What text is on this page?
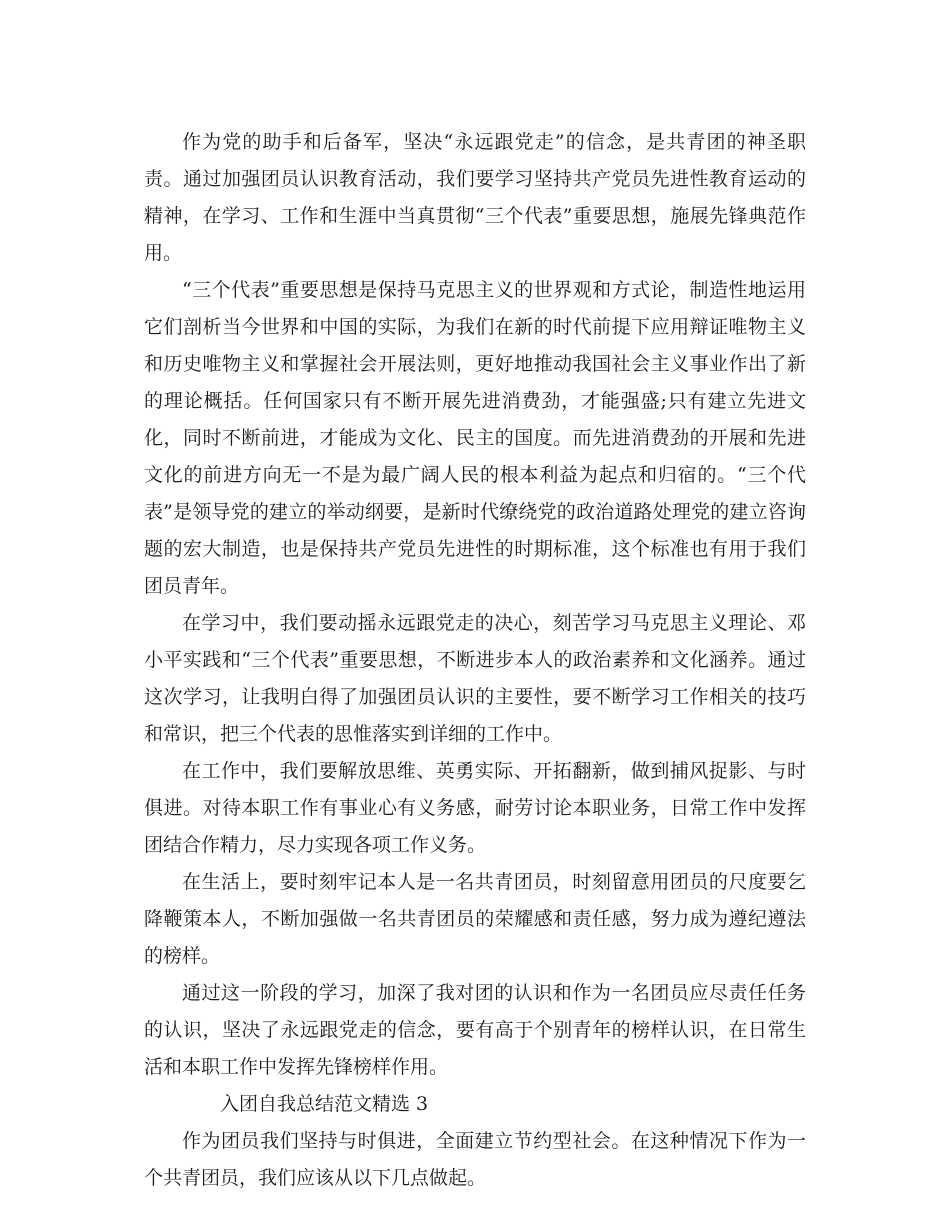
作为党的助手和后备军，坚决“永远跟党走”的信念，是共青团的神圣职责。通过加强团员认识教育活动，我们要学习坚持共产党员先进性教育运动的精神，在学习、工作和生涯中当真贯彻“三个代表”重要思想，施展先锋典范作用。

“三个代表”重要思想是保持马克思主义的世界观和方式论，制造性地运用它们剖析当今世界和中国的实际，为我们在新的时代前提下应用辩证唯物主义和历史唯物主义和掌握社会开展法则，更好地推动我国社会主义事业作出了新的理论概括。任何国家只有不断开展先进消费劲，才能强盛;只有建立先进文化，同时不断前进，才能成为文化、民主的国度。而先进消费劲的开展和先进文化的前进方向无一不是为最广阔人民的根本利益为起点和归宿的。“三个代表”是领导党的建立的举动纲要，是新时代缭绕党的政治道路处理党的建立咨询题的宏大制造，也是保持共产党员先进性的时期标准，这个标准也有用于我们团员青年。

在学习中，我们要动摇永远跟党走的决心，刻苦学习马克思主义理论、邓小平实践和“三个代表”重要思想，不断进步本人的政治素养和文化涵养。通过这次学习，让我明白得了加强团员认识的主要性，要不断学习工作相关的技巧和常识，把三个代表的思惟落实到详细的工作中。

在工作中，我们要解放思维、英勇实际、开拓翻新，做到捕风捉影、与时俱进。对待本职工作有事业心有义务感，耐劳讨论本职业务，日常工作中发挥团结合作精力，尽力实现各项工作义务。

在生活上，要时刻牢记本人是一名共青团员，时刻留意用团员的尺度要乞降鞭策本人，不断加强做一名共青团员的荣耀感和责任感，努力成为遵纪遵法的榜样。

通过这一阶段的学习，加深了我对团的认识和作为一名团员应尽责任任务的认识，坚决了永远跟党走的信念，要有高于个别青年的榜样认识，在日常生活和本职工作中发挥先锋榜样作用。

入团自我总结范文精选 3

作为团员我们坚持与时俱进，全面建立节约型社会。在这种情况下作为一个共青团员，我们应该从以下几点做起。
